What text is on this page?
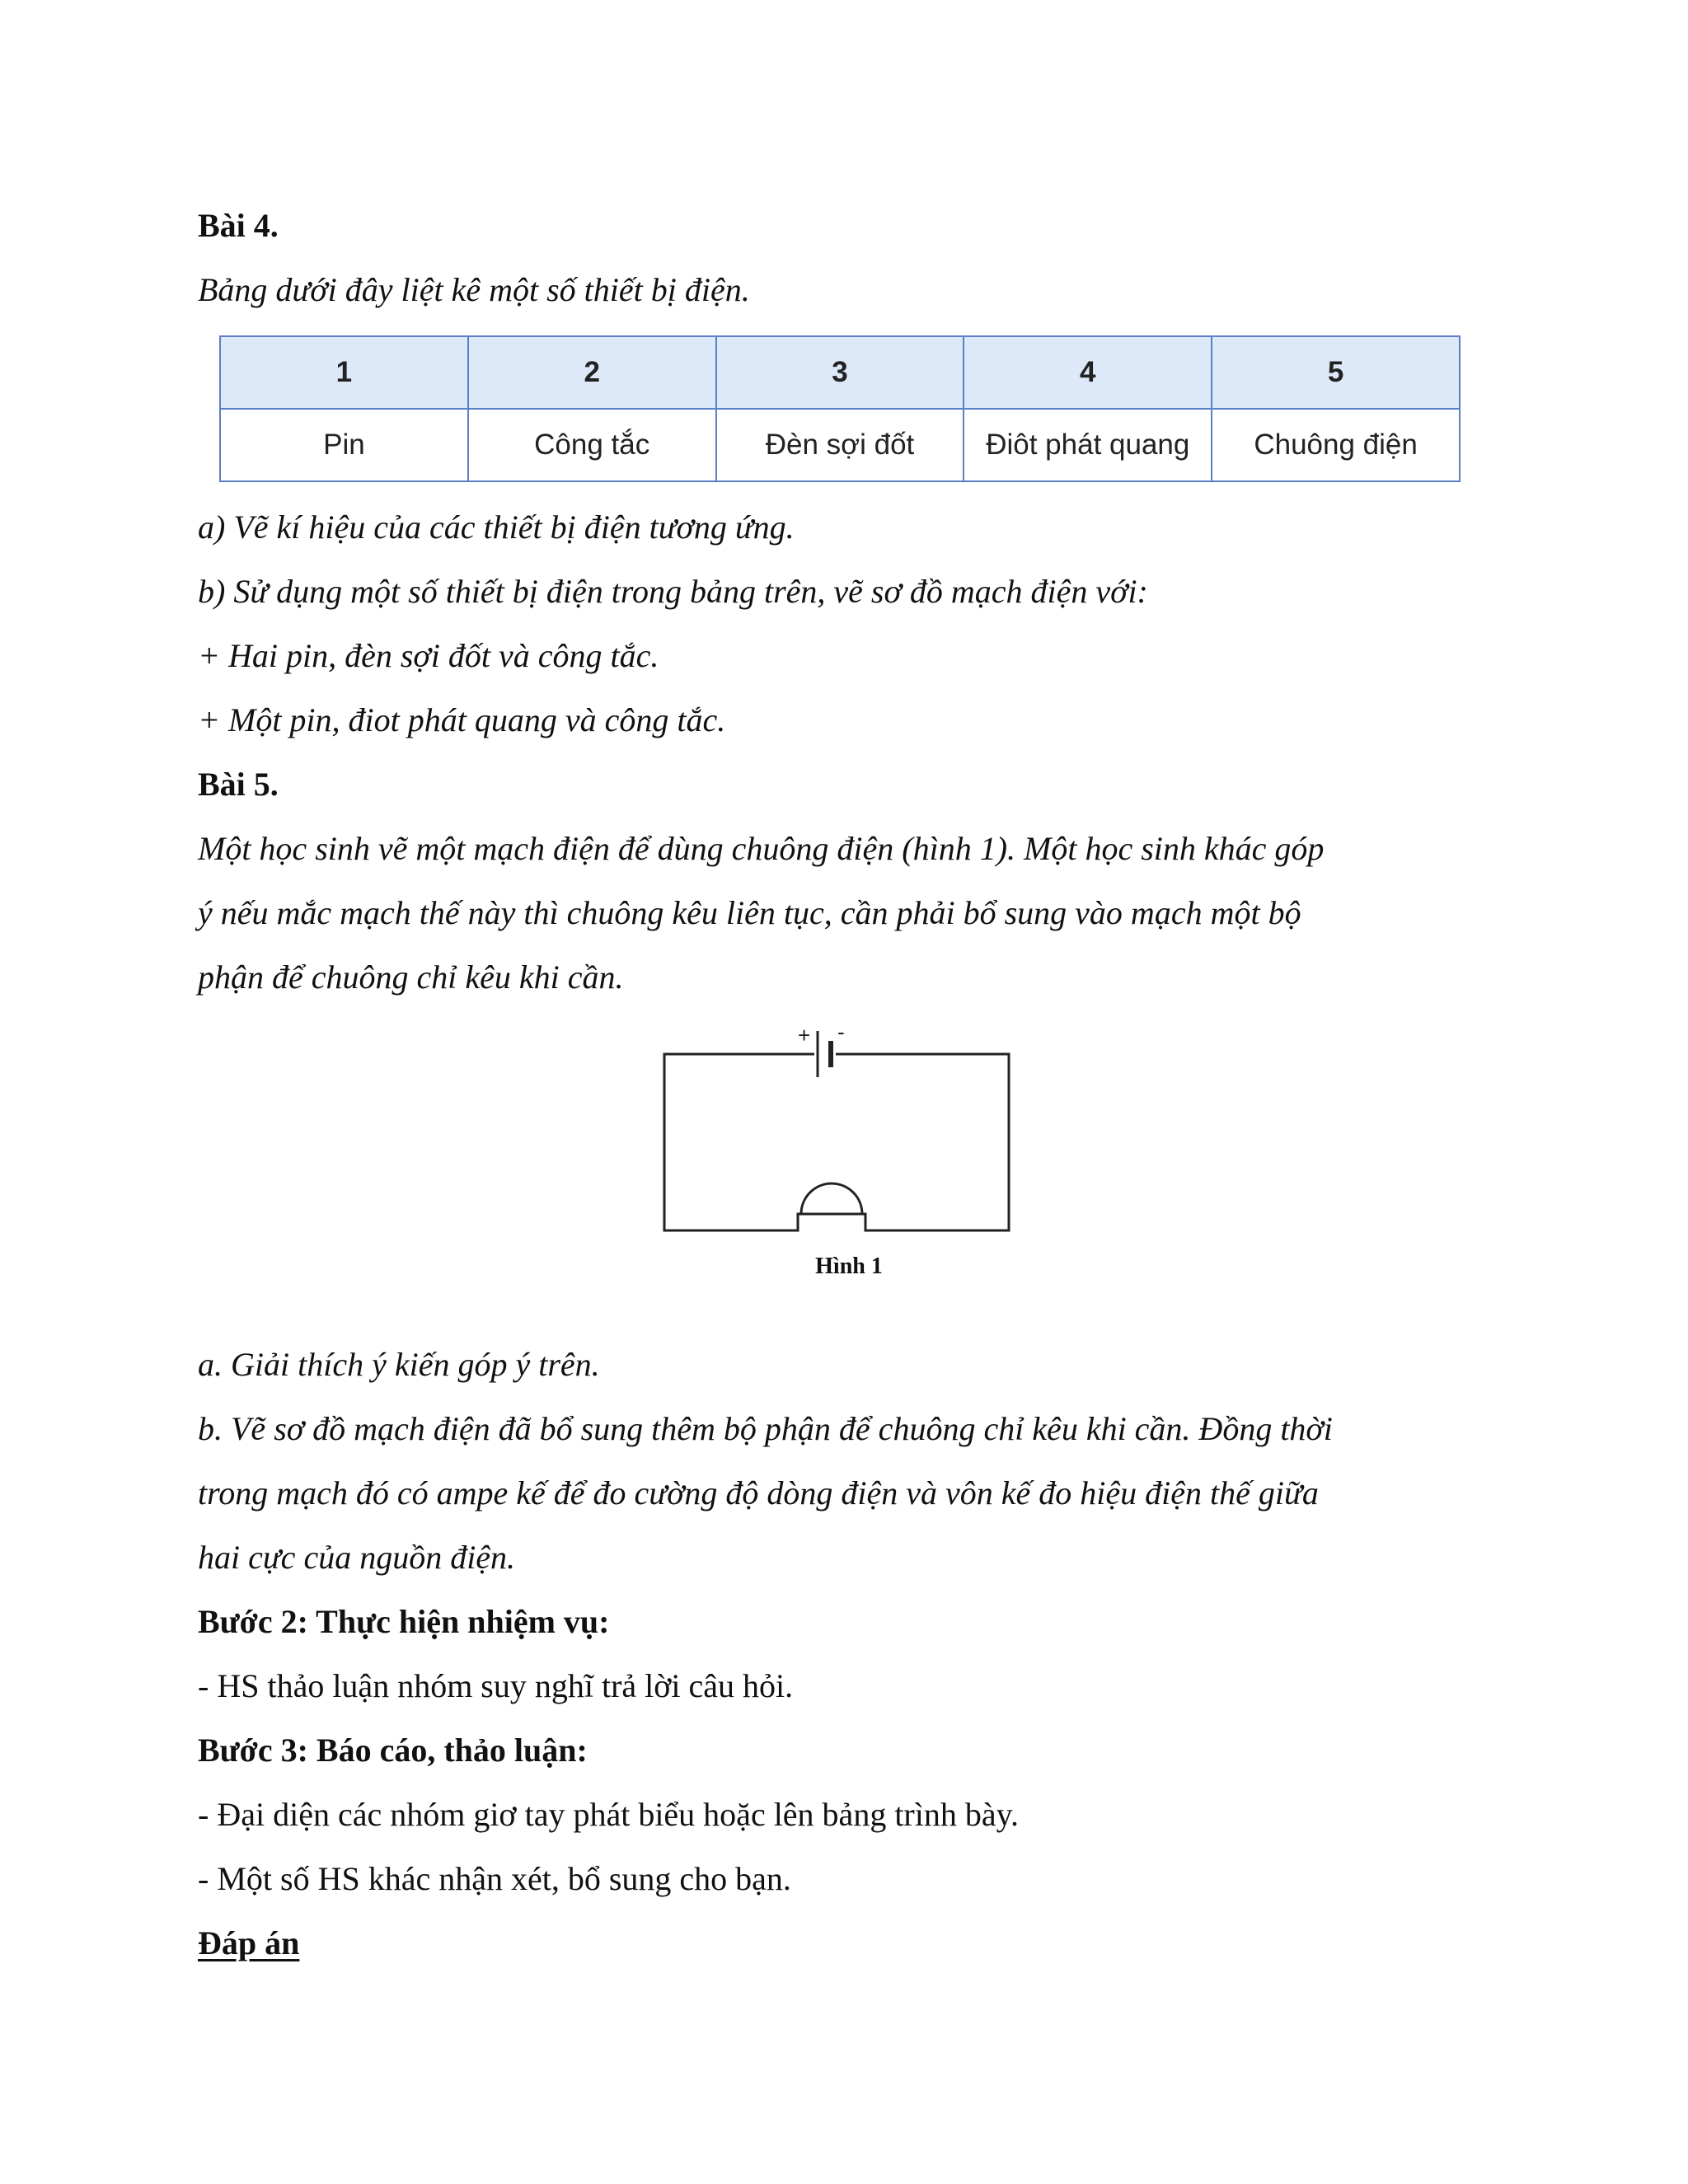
Bài 4.

Bảng dưới đây liệt kê một số thiết bị điện.

1	2	3	4	5
Pin	Công tắc	Đèn sợi đốt	Điôt phát quang	Chuông điện

a) Vẽ kí hiệu của các thiết bị điện tương ứng.

b) Sử dụng một số thiết bị điện trong bảng trên, vẽ sơ đồ mạch điện với:

+ Hai pin, đèn sợi đốt và công tắc.

+ Một pin, điot phát quang và công tắc.

Bài 5.

Một học sinh vẽ một mạch điện để dùng chuông điện (hình 1). Một học sinh khác góp

ý nếu mắc mạch thế này thì chuông kêu liên tục, cần phải bổ sung vào mạch một bộ

phận để chuông chỉ kêu khi cần.

+ -
Hình 1

a. Giải thích ý kiến góp ý trên.

b. Vẽ sơ đồ mạch điện đã bổ sung thêm bộ phận để chuông chỉ kêu khi cần. Đồng thời

trong mạch đó có ampe kế để đo cường độ dòng điện và vôn kế đo hiệu điện thế giữa

hai cực của nguồn điện.

Bước 2: Thực hiện nhiệm vụ:

- HS thảo luận nhóm suy nghĩ trả lời câu hỏi.

Bước 3: Báo cáo, thảo luận:

- Đại diện các nhóm giơ tay phát biểu hoặc lên bảng trình bày.

- Một số HS khác nhận xét, bổ sung cho bạn.

Đáp án
